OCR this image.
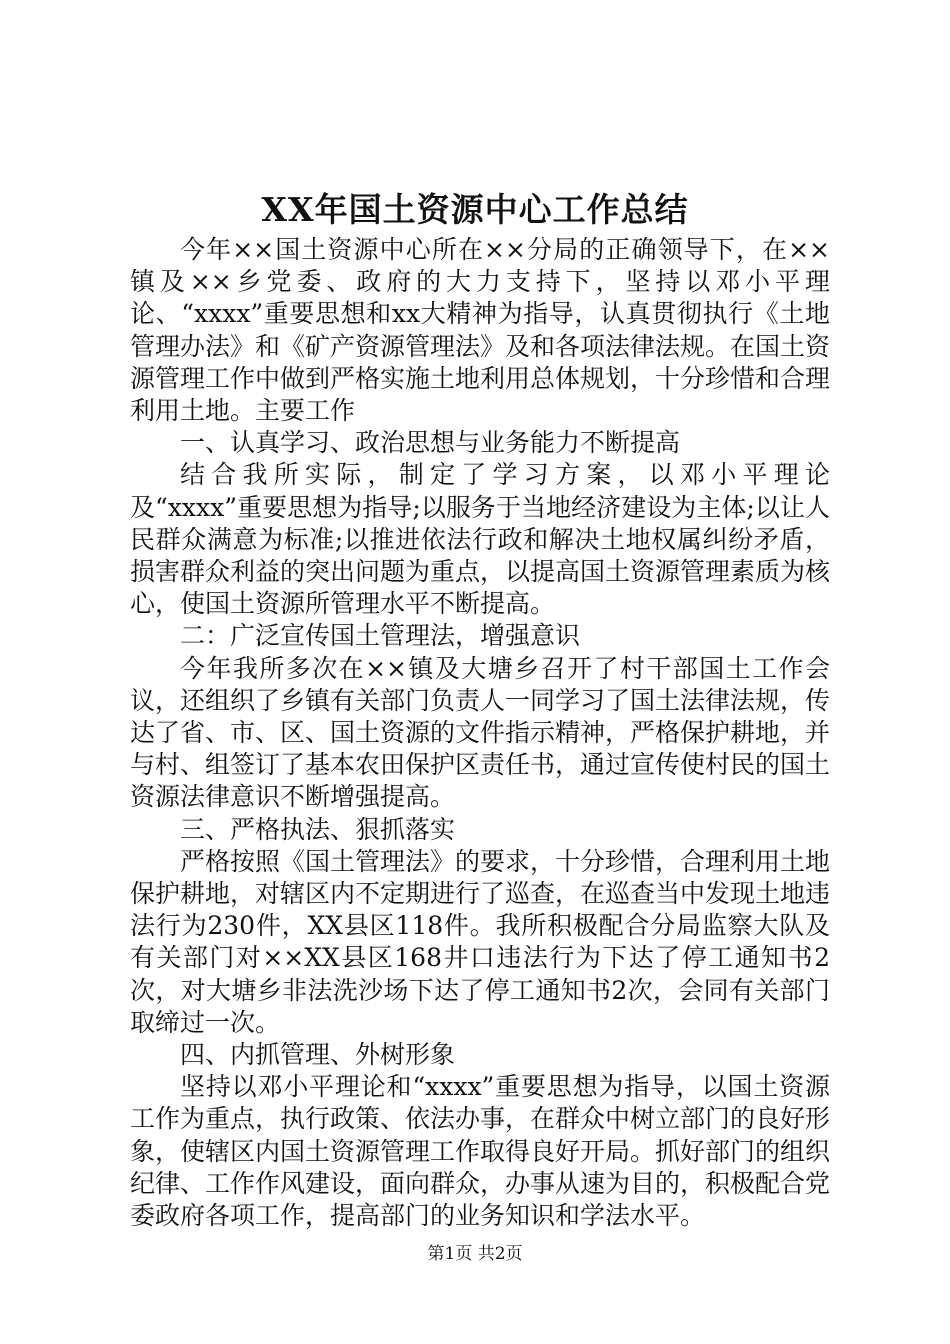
XX年国土资源中心工作总结

今年××国土资源中心所在××分局的正确领导下，在××镇及××乡党委、政府的大力支持下，坚持以邓小平理论、“xxxx”重要思想和xx大精神为指导，认真贯彻执行《土地管理办法》和《矿产资源管理法》及和各项法律法规。在国土资源管理工作中做到严格实施土地利用总体规划，十分珍惜和合理利用土地。主要工作

一、认真学习、政治思想与业务能力不断提高

结合我所实际，制定了学习方案，以邓小平理论及“xxxx”重要思想为指导;以服务于当地经济建设为主体;以让人民群众满意为标准;以推进依法行政和解决土地权属纠纷矛盾，损害群众利益的突出问题为重点，以提高国土资源管理素质为核心，使国土资源所管理水平不断提高。

二：广泛宣传国土管理法，增强意识

今年我所多次在××镇及大塘乡召开了村干部国土工作会议，还组织了乡镇有关部门负责人一同学习了国土法律法规，传达了省、市、区、国土资源的文件指示精神，严格保护耕地，并与村、组签订了基本农田保护区责任书，通过宣传使村民的国土资源法律意识不断增强提高。

三、严格执法、狠抓落实

严格按照《国土管理法》的要求，十分珍惜，合理利用土地保护耕地，对辖区内不定期进行了巡查，在巡查当中发现土地违法行为230件，XX县区118件。我所积极配合分局监察大队及有关部门对××XX县区168井口违法行为下达了停工通知书2次，对大塘乡非法洗沙场下达了停工通知书2次，会同有关部门取缔过一次。

四、内抓管理、外树形象

坚持以邓小平理论和“xxxx”重要思想为指导，以国土资源工作为重点，执行政策、依法办事，在群众中树立部门的良好形象，使辖区内国土资源管理工作取得良好开局。抓好部门的组织纪律、工作作风建设，面向群众，办事从速为目的，积极配合党委政府各项工作，提高部门的业务知识和学法水平。

第1页 共2页
